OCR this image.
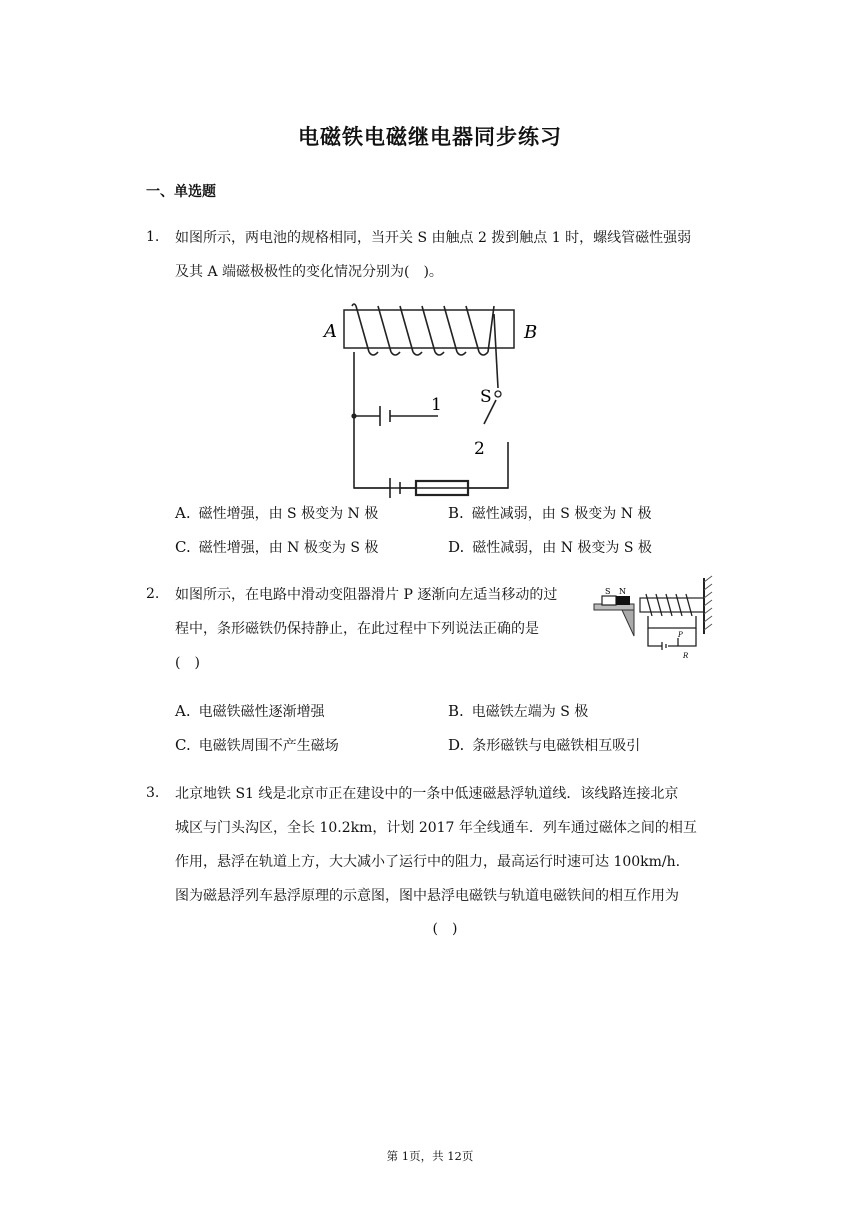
电磁铁电磁继电器同步练习
一、单选题
1. 如图所示，两电池的规格相同，当开关 S 由触点 2 拨到触点 1 时，螺线管磁性强弱
及其 A 端磁极极性的变化情况分别为(　)。
A	B
S
1
2
A. 磁性增强，由 S 极变为 N 极	B. 磁性减弱，由 S 极变为 N 极
C. 磁性增强，由 N 极变为 S 极	D. 磁性减弱，由 N 极变为 S 极
2. 如图所示，在电路中滑动变阻器滑片 P 逐渐向左适当移动的过
程中，条形磁铁仍保持静止，在此过程中下列说法正确的是
(　)
S N
P
R
A. 电磁铁磁性逐渐增强	B. 电磁铁左端为 S 极
C. 电磁铁周围不产生磁场	D. 条形磁铁与电磁铁相互吸引
3. 北京地铁 S1 线是北京市正在建设中的一条中低速磁悬浮轨道线．该线路连接北京
城区与门头沟区，全长 10.2km，计划 2017 年全线通车．列车通过磁体之间的相互
作用，悬浮在轨道上方，大大减小了运行中的阻力，最高运行时速可达 100km/h.
图为磁悬浮列车悬浮原理的示意图，图中悬浮电磁铁与轨道电磁铁间的相互作用为
(　)
第 1页，共 12页
